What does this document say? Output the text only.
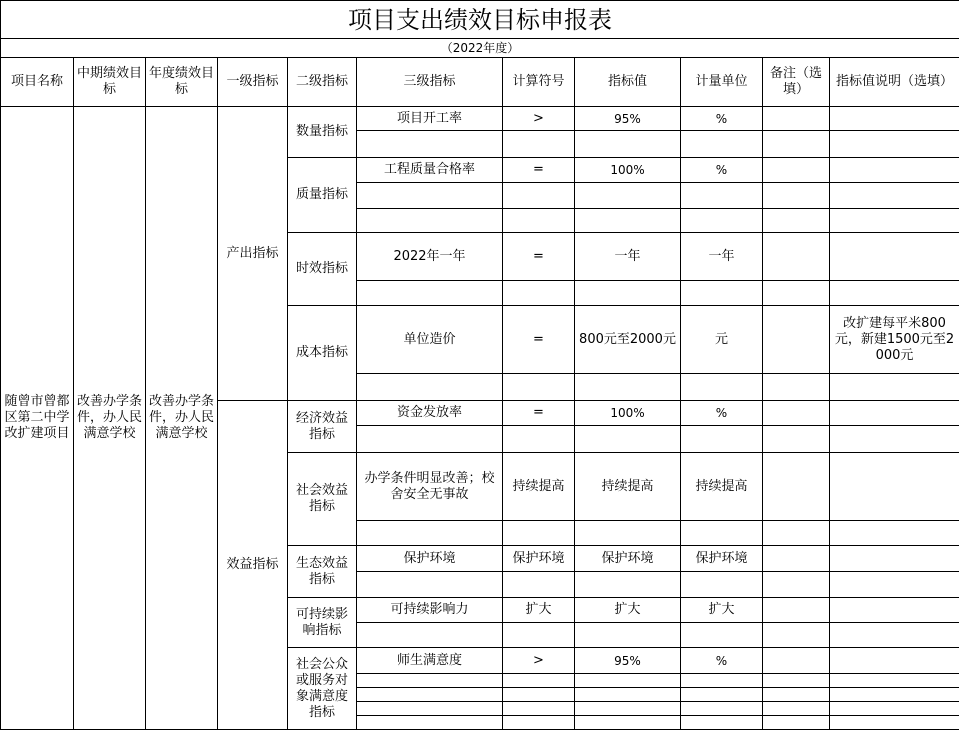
项目支出绩效目标申报表										
（2022年度）										
项目名称	中期绩效目标	年度绩效目标	一级指标	二级指标	三级指标	计算符号	指标值	计量单位	备注（选填）	指标值说明（选填）
随曾市曾都区第二中学改扩建项目	改善办学条件，办人民满意学校	改善办学条件，办人民满意学校	产出指标	数量指标	项目开工率	>	95%	%		

				质量指标	工程质量合格率	=	100%	%		

				时效指标	2022年一年	=	一年	一年		

				成本指标	单位造价	=	800元至2000元	元		改扩建每平米800元，新建1500元至2000元

			效益指标	经济效益指标	资金发放率	=	100%	%		

				社会效益指标	办学条件明显改善；校舍安全无事故	持续提高	持续提高	持续提高		

				生态效益指标	保护环境	保护环境	保护环境	保护环境		

				可持续影响指标	可持续影响力	扩大	扩大	扩大		

				社会公众或服务对象满意度指标	师生满意度	>	95%	%		
